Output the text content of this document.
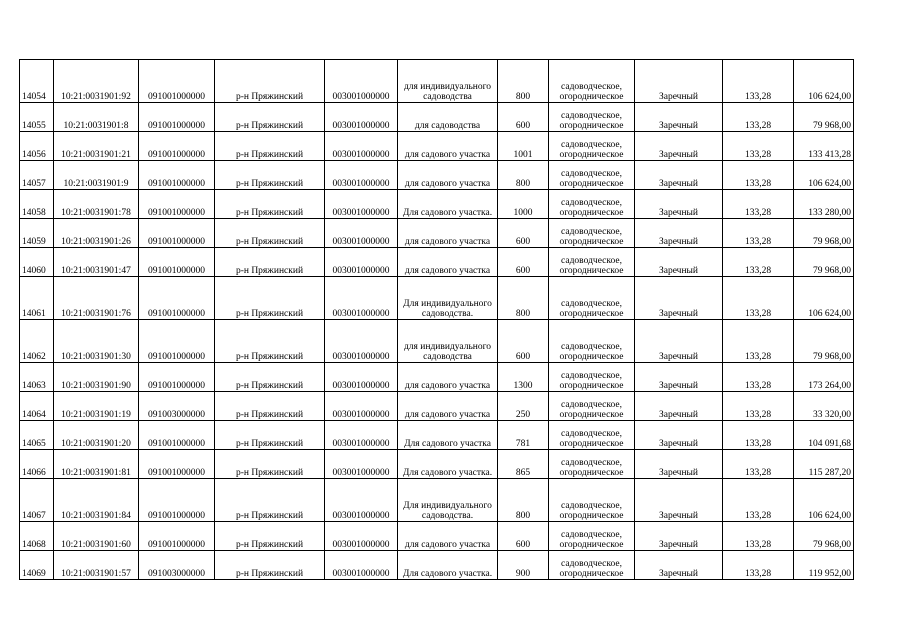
14054	10:21:0031901:92	091001000000	р-н Пряжинский	003001000000	для индивидуального садоводства	800	садоводческое, огородническое	Заречный	133,28	106 624,00
14055	10:21:0031901:8	091001000000	р-н Пряжинский	003001000000	для садоводства	600	садоводческое, огородническое	Заречный	133,28	79 968,00
14056	10:21:0031901:21	091001000000	р-н Пряжинский	003001000000	для садового участка	1001	садоводческое, огородническое	Заречный	133,28	133 413,28
14057	10:21:0031901:9	091001000000	р-н Пряжинский	003001000000	для садового участка	800	садоводческое, огородническое	Заречный	133,28	106 624,00
14058	10:21:0031901:78	091001000000	р-н Пряжинский	003001000000	Для садового участка.	1000	садоводческое, огородническое	Заречный	133,28	133 280,00
14059	10:21:0031901:26	091001000000	р-н Пряжинский	003001000000	для садового участка	600	садоводческое, огородническое	Заречный	133,28	79 968,00
14060	10:21:0031901:47	091001000000	р-н Пряжинский	003001000000	для садового участка	600	садоводческое, огородническое	Заречный	133,28	79 968,00
14061	10:21:0031901:76	091001000000	р-н Пряжинский	003001000000	Для индивидуального садоводства.	800	садоводческое, огородническое	Заречный	133,28	106 624,00
14062	10:21:0031901:30	091001000000	р-н Пряжинский	003001000000	для индивидуального садоводства	600	садоводческое, огородническое	Заречный	133,28	79 968,00
14063	10:21:0031901:90	091001000000	р-н Пряжинский	003001000000	для садового участка	1300	садоводческое, огородническое	Заречный	133,28	173 264,00
14064	10:21:0031901:19	091003000000	р-н Пряжинский	003001000000	для садового участка	250	садоводческое, огородническое	Заречный	133,28	33 320,00
14065	10:21:0031901:20	091001000000	р-н Пряжинский	003001000000	Для садового участка	781	садоводческое, огородническое	Заречный	133,28	104 091,68
14066	10:21:0031901:81	091001000000	р-н Пряжинский	003001000000	Для садового участка.	865	садоводческое, огородническое	Заречный	133,28	115 287,20
14067	10:21:0031901:84	091001000000	р-н Пряжинский	003001000000	Для индивидуального садоводства.	800	садоводческое, огородническое	Заречный	133,28	106 624,00
14068	10:21:0031901:60	091001000000	р-н Пряжинский	003001000000	для садового участка	600	садоводческое, огородническое	Заречный	133,28	79 968,00
14069	10:21:0031901:57	091003000000	р-н Пряжинский	003001000000	Для садового участка.	900	садоводческое, огородническое	Заречный	133,28	119 952,00
